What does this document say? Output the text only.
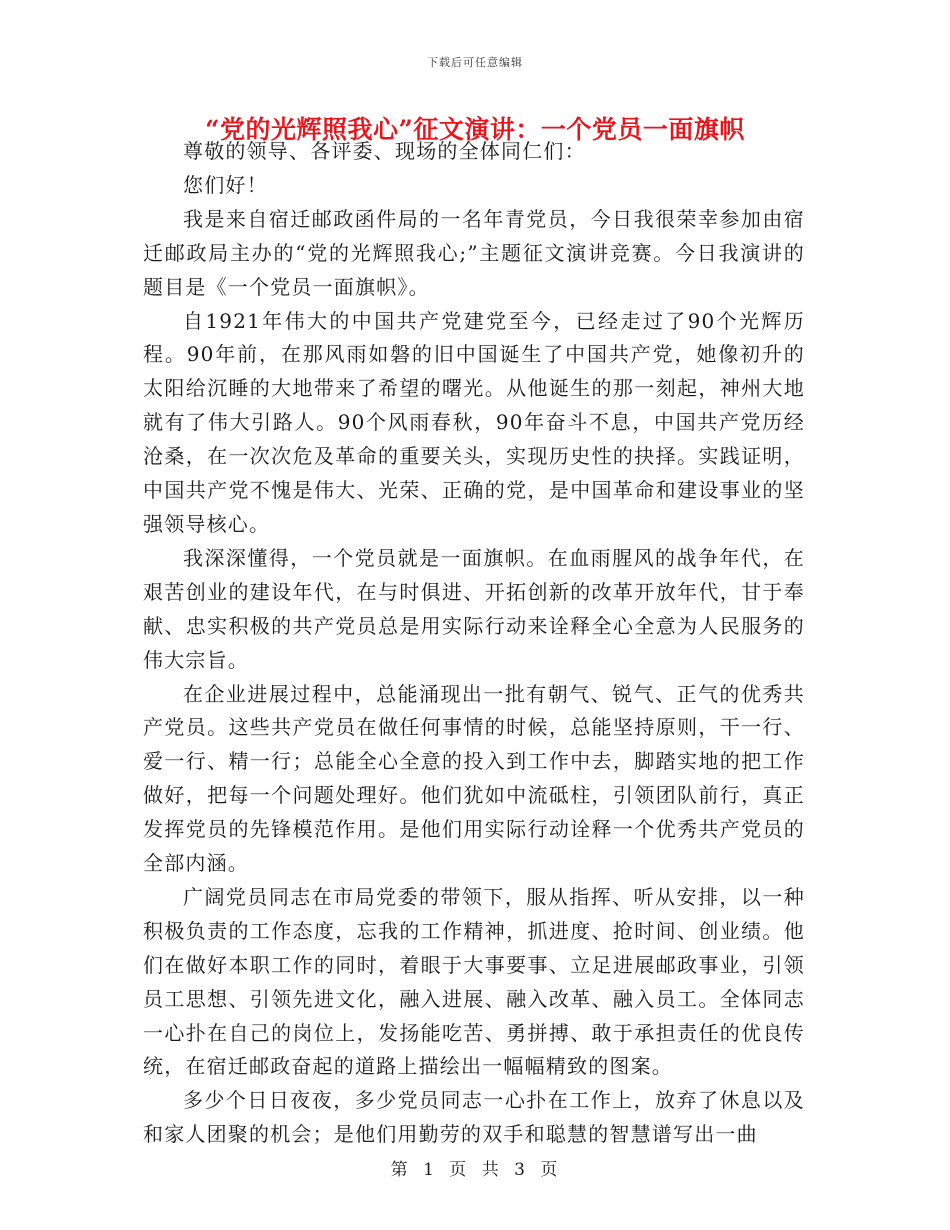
下载后可任意编辑
“党的光辉照我心”征文演讲：一个党员一面旗帜

尊敬的领导、各评委、现场的全体同仁们：

您们好！

我是来自宿迁邮政函件局的一名年青党员，今日我很荣幸参加由宿迁邮政局主办的“党的光辉照我心;”主题征文演讲竞赛。今日我演讲的题目是《一个党员一面旗帜》。

自1921年伟大的中国共产党建党至今，已经走过了90个光辉历程。90年前，在那风雨如磐的旧中国诞生了中国共产党，她像初升的太阳给沉睡的大地带来了希望的曙光。从他诞生的那一刻起，神州大地就有了伟大引路人。90个风雨春秋，90年奋斗不息，中国共产党历经沧桑，在一次次危及革命的重要关头，实现历史性的抉择。实践证明，中国共产党不愧是伟大、光荣、正确的党，是中国革命和建设事业的坚强领导核心。

我深深懂得，一个党员就是一面旗帜。在血雨腥风的战争年代，在艰苦创业的建设年代，在与时俱进、开拓创新的改革开放年代，甘于奉献、忠实积极的共产党员总是用实际行动来诠释全心全意为人民服务的伟大宗旨。

在企业进展过程中，总能涌现出一批有朝气、锐气、正气的优秀共产党员。这些共产党员在做任何事情的时候，总能坚持原则，干一行、爱一行、精一行；总能全心全意的投入到工作中去，脚踏实地的把工作做好，把每一个问题处理好。他们犹如中流砥柱，引领团队前行，真正发挥党员的先锋模范作用。是他们用实际行动诠释一个优秀共产党员的全部内涵。

广阔党员同志在市局党委的带领下，服从指挥、听从安排，以一种积极负责的工作态度，忘我的工作精神，抓进度、抢时间、创业绩。他们在做好本职工作的同时，着眼于大事要事、立足进展邮政事业，引领员工思想、引领先进文化，融入进展、融入改革、融入员工。全体同志一心扑在自己的岗位上，发扬能吃苦、勇拼搏、敢于承担责任的优良传统，在宿迁邮政奋起的道路上描绘出一幅幅精致的图案。

多少个日日夜夜，多少党员同志一心扑在工作上，放弃了休息以及和家人团聚的机会；是他们用勤劳的双手和聪慧的智慧谱写出一曲

第 1 页 共 3 页
